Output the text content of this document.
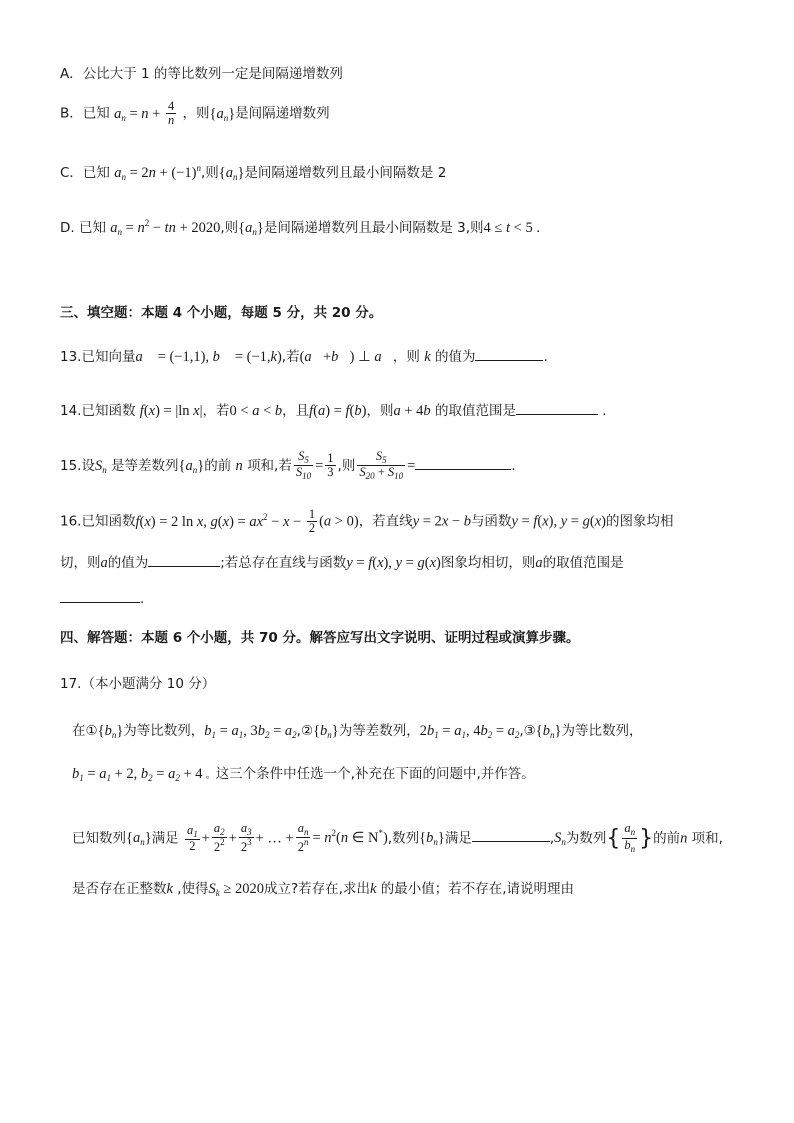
A．公比大于 1 的等比数列一定是间隔递增数列
B．已知 $a_n = n + \frac{4}{n}$ ，则$\{a_n\}$是间隔递增数列
C．已知 $a_n = 2n + (-1)^n$,则$\{a_n\}$是间隔递增数列且最小间隔数是 2
D. 已知 $a_n = n^2$ − tn + 2020,则$\{a_n\}$是间隔递增数列且最小间隔数是 3,则4 ≤ t < 5 .
三、填空题：本题 4 个小题，每题 5 分，共 20 分。
13.已知向量a⃗ = (−1,1), b⃗ = (−1,k),若(a⃗+b⃗) ⊥ a⃗，则 k 的值为	.
14.已知函数 f(x) = |ln x|，若0 < a < b，且f(a) = f(b)，则a + 4b 的取值范围是	.
15.设$S_n$ 是等差数列$\{a_n\}$的前 n 项和,若 $\frac{S_5}{S_{10}} = \frac{1}{3}$ ,则 $\frac{S_5}{S_{20} + S_{10}}$ =	.
16.已知函数f(x) = 2 ln x, $g(x) = ax^2 - x - \frac{1}{2} (a > 0)$，若直线y = 2x − b与函数y = f(x), y = g(x)的图象均相
切，则a的值为	;若总存在直线与函数y = f(x), y = g(x)图象均相切，则a的取值范围是
.
四、解答题：本题 6 个小题，共 70 分。解答应写出文字说明、证明过程或演算步骤。
17.（本小题满分 10 分）
在$①\{b_n\}$为等比数列，$b_1 = a_1$, $3b_2$ = $a_2,②\{b_n\}$为等差数列，$2b_1 = a_1$, $4b_2$ = $a_2,③\{b_n\}$为等比数列，
$b_1 = a_1 + 2$, $b_2 = a_2 + 4$ 。这三个条件中任选一个,补充在下面的问题中,并作答。
已知数列$\{a_n\}$满足 $\frac{a_1}{2} + \frac{a_2}{2^2} + \frac{a_3}{2^3}$ + … + $\frac{a_n}{2^n} = n^2(n$ ∈ N*),数列$\{b_n\}$满足	$,S_n$为数列{ $\frac{a_n}{b_n}$ }的前n 项和,
是否存在正整数k ,使得$S_k \ge 2020$成立?若存在,求出k 的最小值；若不存在,请说明理由
